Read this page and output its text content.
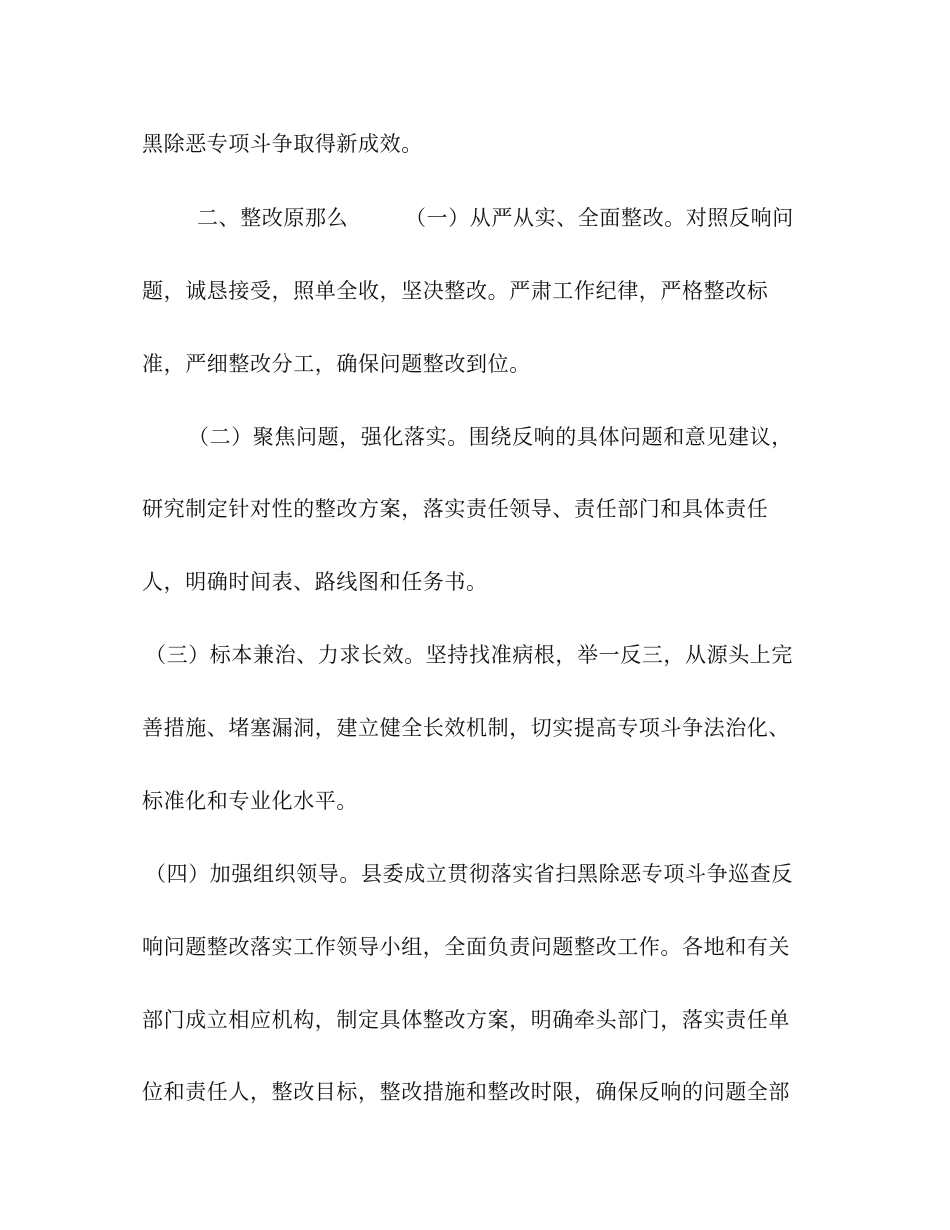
黑除恶专项斗争取得新成效。
二、整改原那么	（一）从严从实、全面整改。对照反响问
题，诚恳接受，照单全收，坚决整改。严肃工作纪律，严格整改标
准，严细整改分工，确保问题整改到位。
（二）聚焦问题，强化落实。围绕反响的具体问题和意见建议，
研究制定针对性的整改方案，落实责任领导、责任部门和具体责任
人，明确时间表、路线图和任务书。
（三）标本兼治、力求长效。坚持找准病根，举一反三，从源头上完
善措施、堵塞漏洞，建立健全长效机制，切实提高专项斗争法治化、
标准化和专业化水平。
（四）加强组织领导。县委成立贯彻落实省扫黑除恶专项斗争巡查反
响问题整改落实工作领导小组，全面负责问题整改工作。各地和有关
部门成立相应机构，制定具体整改方案，明确牵头部门，落实责任单
位和责任人，整改目标，整改措施和整改时限，确保反响的问题全部
